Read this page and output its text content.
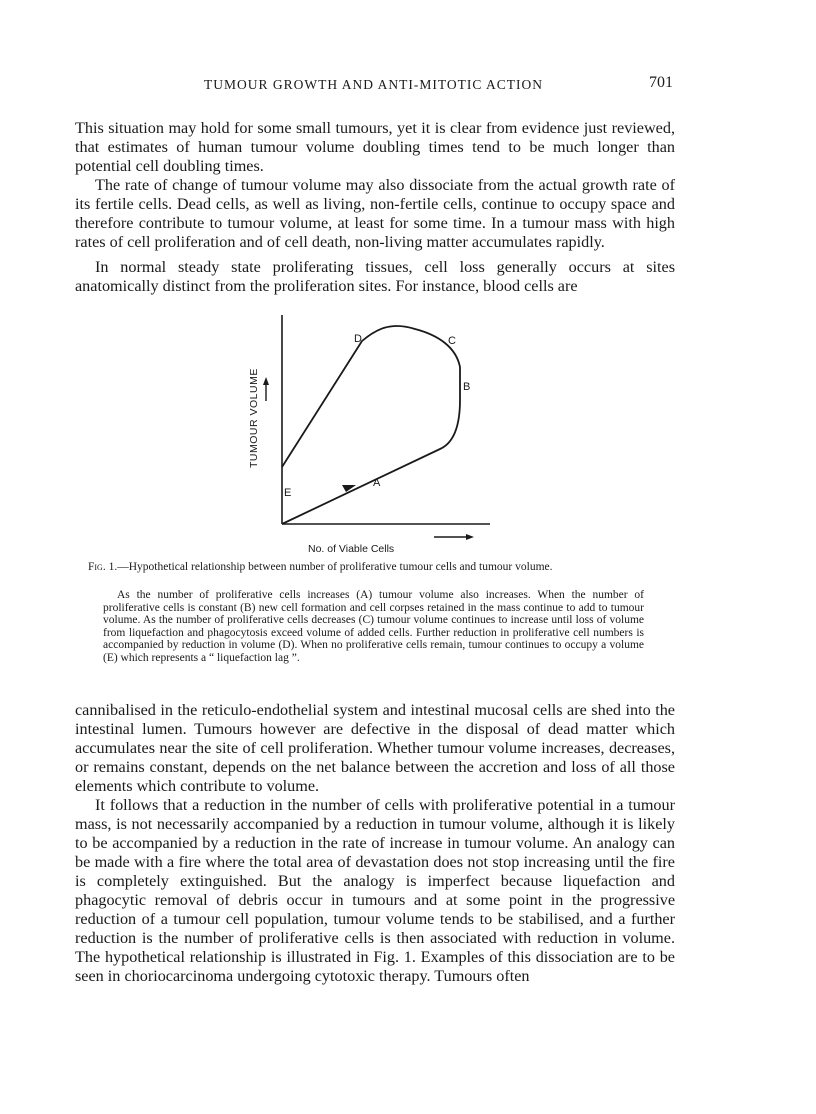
TUMOUR GROWTH AND ANTI-MITOTIC ACTION	701

This situation may hold for some small tumours, yet it is clear from evidence just reviewed, that estimates of human tumour volume doubling times tend to be much longer than potential cell doubling times.

The rate of change of tumour volume may also dissociate from the actual growth rate of its fertile cells. Dead cells, as well as living, non-fertile cells, continue to occupy space and therefore contribute to tumour volume, at least for some time. In a tumour mass with high rates of cell proliferation and of cell death, non-living matter accumulates rapidly.

In normal steady state proliferating tissues, cell loss generally occurs at sites anatomically distinct from the proliferation sites. For instance, blood cells are

TUMOUR VOLUME
No. of Viable Cells
A
B
C
D
E

Fig. 1.—Hypothetical relationship between number of proliferative tumour cells and tumour volume.

As the number of proliferative cells increases (A) tumour volume also increases. When the number of proliferative cells is constant (B) new cell formation and cell corpses retained in the mass continue to add to tumour volume. As the number of proliferative cells decreases (C) tumour volume continues to increase until loss of volume from liquefaction and phagocytosis exceed volume of added cells. Further reduction in proliferative cell numbers is accompanied by reduction in volume (D). When no proliferative cells remain, tumour continues to occupy a volume (E) which represents a “ liquefaction lag ”.

cannibalised in the reticulo-endothelial system and intestinal mucosal cells are shed into the intestinal lumen. Tumours however are defective in the disposal of dead matter which accumulates near the site of cell proliferation. Whether tumour volume increases, decreases, or remains constant, depends on the net balance between the accretion and loss of all those elements which contribute to volume.

It follows that a reduction in the number of cells with proliferative potential in a tumour mass, is not necessarily accompanied by a reduction in tumour volume, although it is likely to be accompanied by a reduction in the rate of increase in tumour volume. An analogy can be made with a fire where the total area of devastation does not stop increasing until the fire is completely extinguished. But the analogy is imperfect because liquefaction and phagocytic removal of debris occur in tumours and at some point in the progressive reduction of a tumour cell population, tumour volume tends to be stabilised, and a further reduction is the number of proliferative cells is then associated with reduction in volume. The hypothetical relationship is illustrated in Fig. 1. Examples of this dissociation are to be seen in choriocarcinoma undergoing cytotoxic therapy. Tumours often
